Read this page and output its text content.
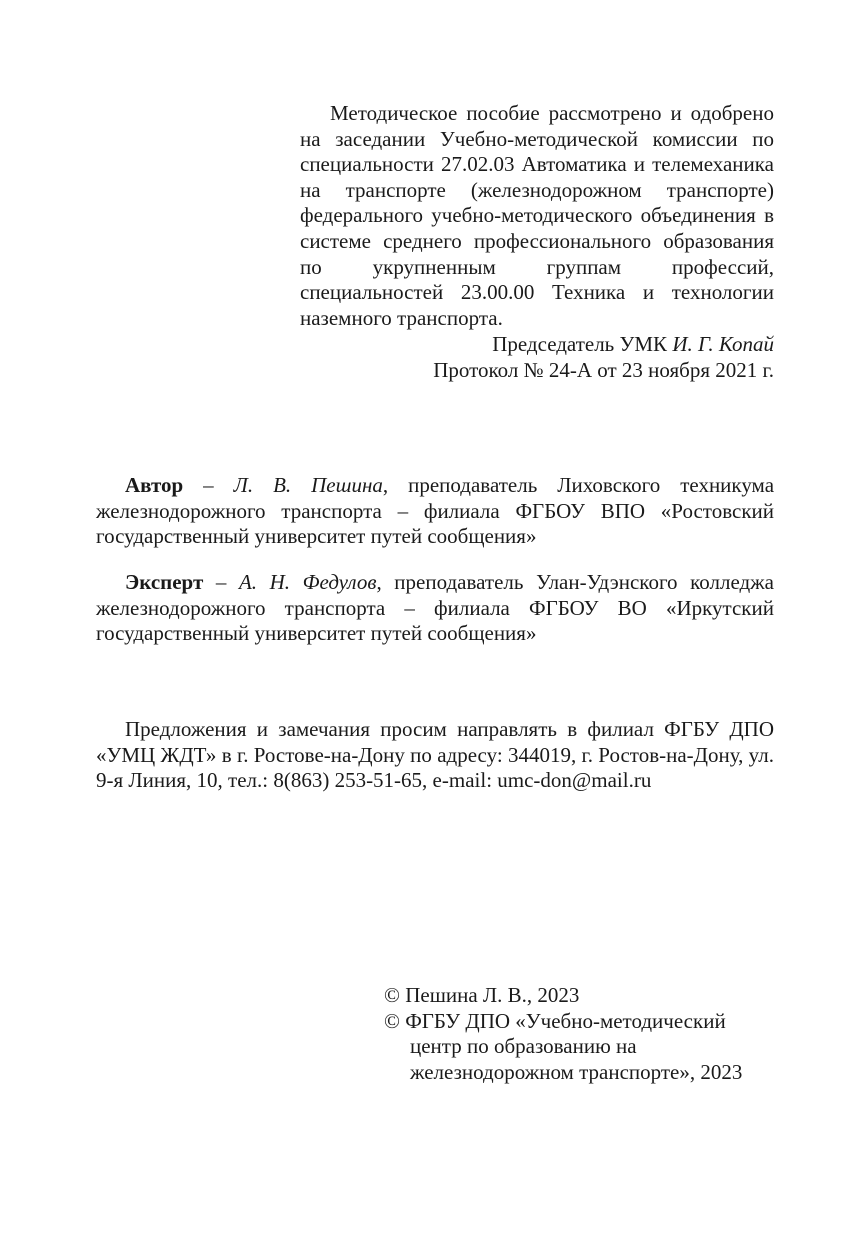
Методическое пособие рассмотрено и одобрено на заседании Учебно-методической комиссии по специальности 27.02.03 Автоматика и телемеханика на транспорте (железнодорожном транспорте) федерального учебно-методического объединения в системе среднего профессионального образования по укрупненным группам профессий, специальностей 23.00.00 Техника и технологии наземного транспорта.

Председатель УМК И. Г. Копай
Протокол № 24-А от 23 ноября 2021 г.

Автор – Л. В. Пешина, преподаватель Лиховского техникума железнодорожного транспорта – филиала ФГБОУ ВПО «Ростовский государственный университет путей сообщения»

Эксперт – А. Н. Федулов, преподаватель Улан-Удэнского колледжа железнодорожного транспорта – филиала ФГБОУ ВО «Иркутский государственный университет путей сообщения»

Предложения и замечания просим направлять в филиал ФГБУ ДПО «УМЦ ЖДТ» в г. Ростове-на-Дону по адресу: 344019, г. Ростов-на-Дону, ул. 9-я Линия, 10, тел.: 8(863) 253-51-65, e-mail: umc-don@mail.ru

© Пешина Л. В., 2023
© ФГБУ ДПО «Учебно-методический центр по образованию на железнодорожном транспорте», 2023
